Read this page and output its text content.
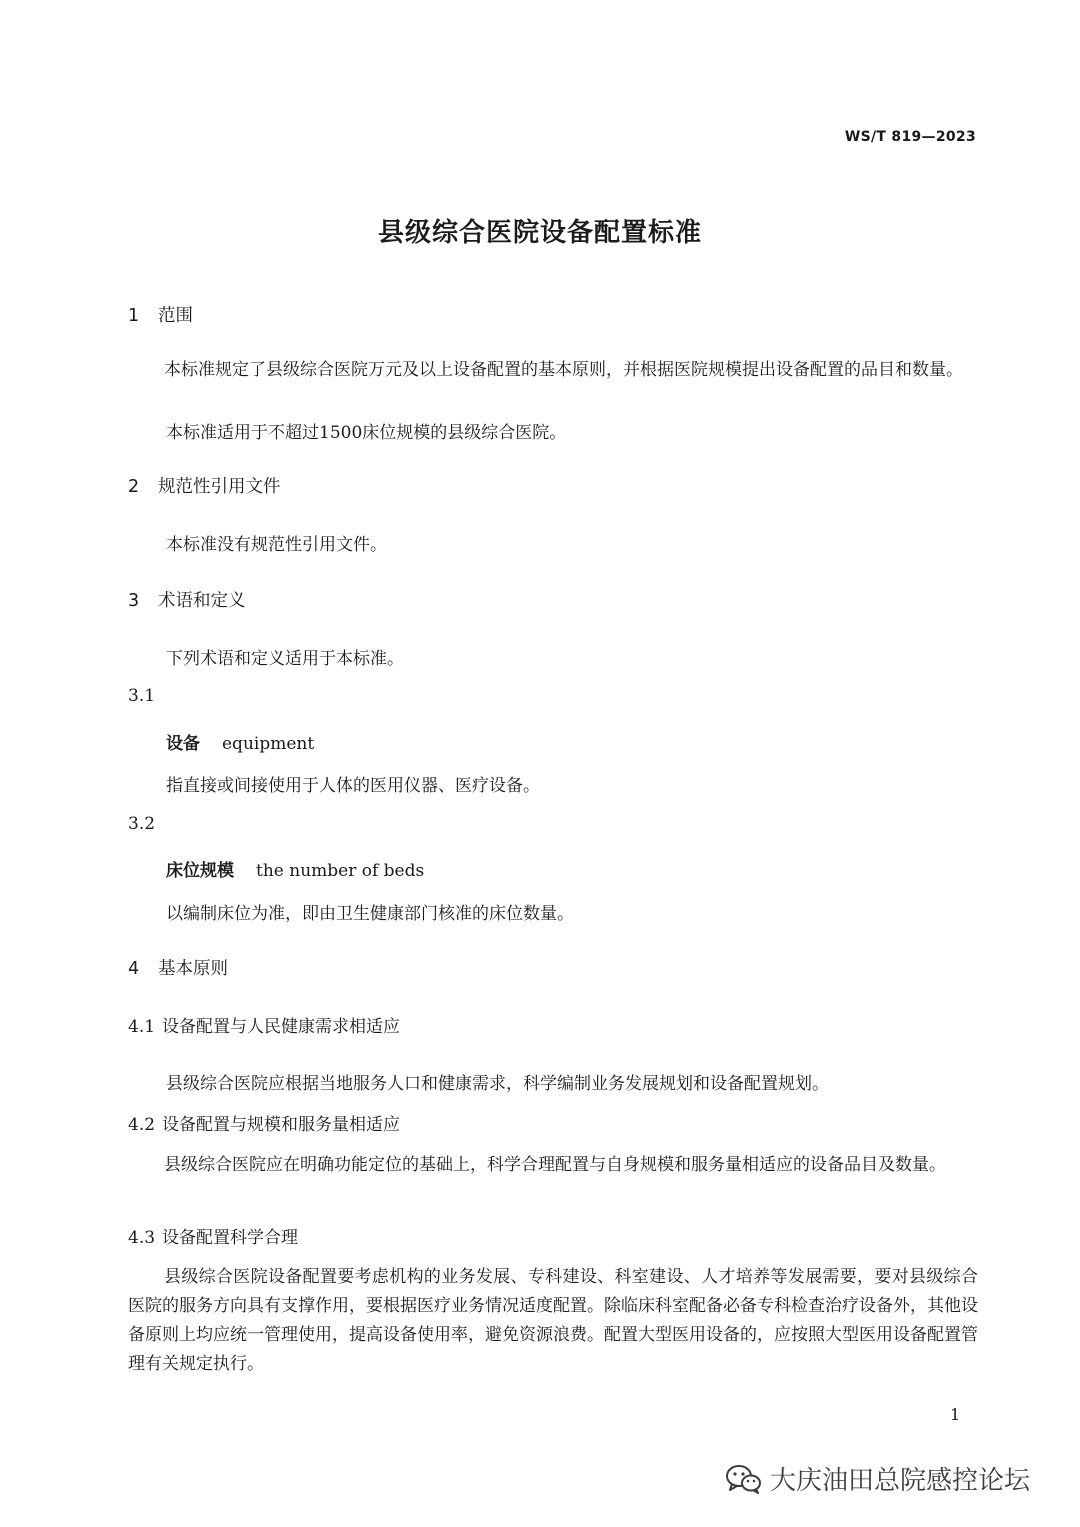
WS/T 819—2023
县级综合医院设备配置标准
1 范围
本标准规定了县级综合医院万元及以上设备配置的基本原则，并根据医院规模提出设备配置的品目和数量。
本标准适用于不超过1500床位规模的县级综合医院。
2 规范性引用文件
本标准没有规范性引用文件。
3 术语和定义
下列术语和定义适用于本标准。
3.1
设备 equipment
指直接或间接使用于人体的医用仪器、医疗设备。
3.2
床位规模 the number of beds
以编制床位为准，即由卫生健康部门核准的床位数量。
4 基本原则
4.1 设备配置与人民健康需求相适应
县级综合医院应根据当地服务人口和健康需求，科学编制业务发展规划和设备配置规划。
4.2 设备配置与规模和服务量相适应
县级综合医院应在明确功能定位的基础上，科学合理配置与自身规模和服务量相适应的设备品目及数量。
4.3 设备配置科学合理
县级综合医院设备配置要考虑机构的业务发展、专科建设、科室建设、人才培养等发展需要，要对县级综合医院的服务方向具有支撑作用，要根据医疗业务情况适度配置。除临床科室配备必备专科检查治疗设备外，其他设备原则上均应统一管理使用，提高设备使用率，避免资源浪费。配置大型医用设备的，应按照大型医用设备配置管理有关规定执行。
1
大庆油田总院感控论坛
